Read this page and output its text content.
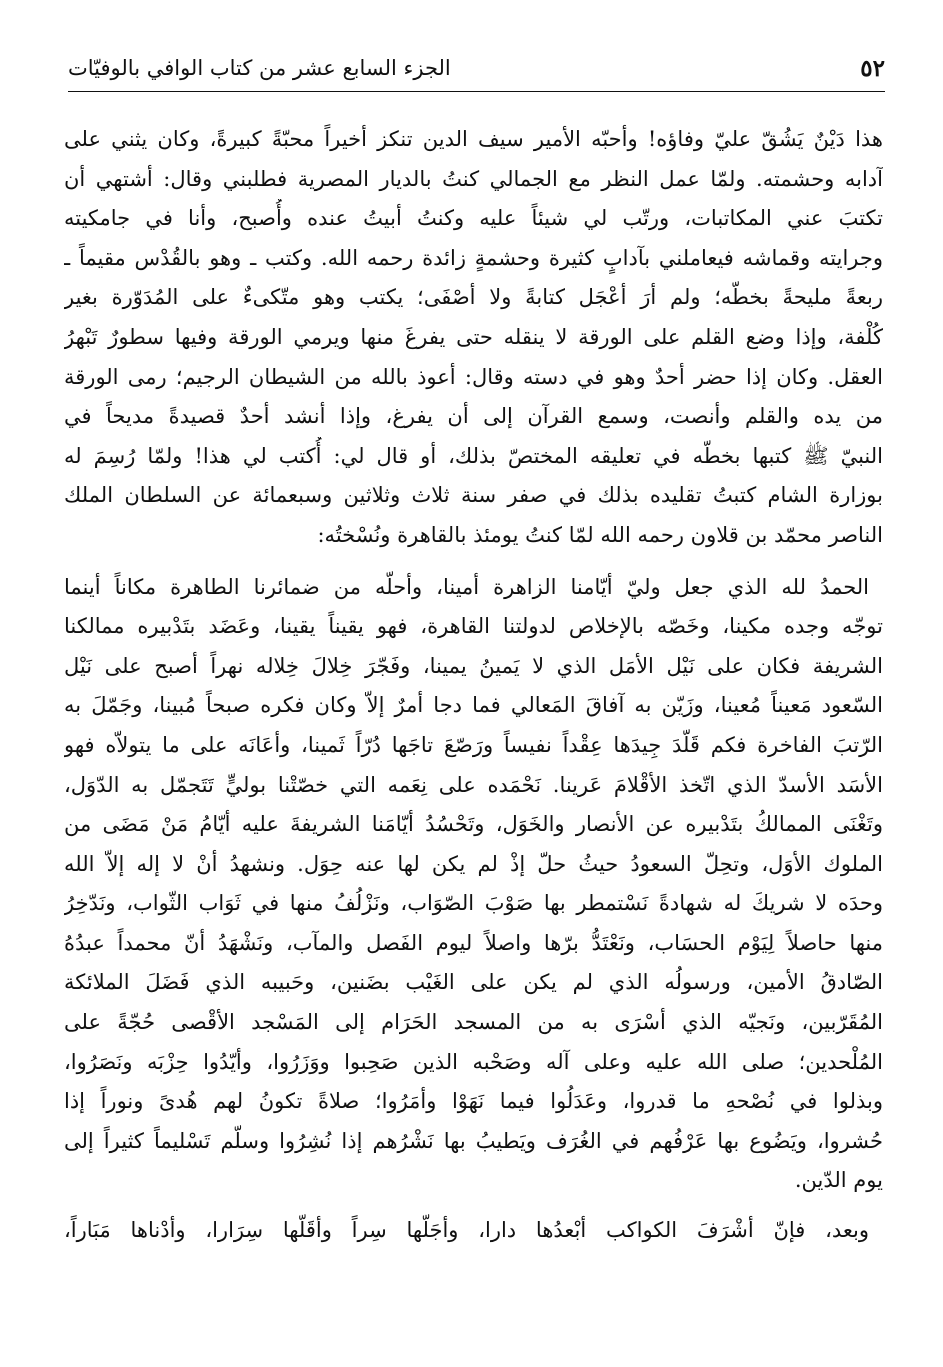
٥٢
الجزء السابع عشر من كتاب الوافي بالوفيّات

هذا دَيْنٌ يَشُقّ عليّ وفاؤه! وأحبّه الأمير سيف الدين تنكز أخيراً محبّةً كبيرةً، وكان يثني على
آدابه وحشمته. ولمّا عمل النظر مع الجمالي كنتُ بالديار المصرية فطلبني وقال: أشتهي أن
تكتبَ عني المكاتبات، ورتّب لي شيئاً عليه وكنتُ أبيتُ عنده وأُصبح، وأنا في جامكيته
وجرايته وقماشه فيعاملني بآدابٍ كثيرة وحشمةٍ زائدة رحمه الله. وكتب ـ وهو بالقُدْس مقيماً ـ
ربعةً مليحةً بخطّه؛ ولم أرَ أعْجَل كتابةً ولا أصْفَى؛ يكتب وهو متّكىءٌ على المُدَوّرة بغير
كُلْفة، وإذا وضع القلم على الورقة لا ينقله حتى يفرغَ منها ويرمي الورقة وفيها سطورٌ تَبْهرُ
العقل. وكان إذا حضر أحدٌ وهو في دسته وقال: أعوذ بالله من الشيطان الرجيم؛ رمى الورقة
من يده والقلم وأنصت، وسمع القرآن إلى أن يفرغ، وإذا أنشد أحدٌ قصيدةً مديحاً في
النبيّ ﷺ كتبها بخطّه في تعليقه المختصّ بذلك، أو قال لي: أُكتب لي هذا! ولمّا رُسِمَ له
بوزارة الشام كتبتُ تقليده بذلك في صفر سنة ثلاث وثلاثين وسبعمائة عن السلطان الملك
الناصر محمّد بن قلاون رحمه الله لمّا كنتُ يومئذ بالقاهرة ونُسْختُه:

الحمدُ لله الذي جعل وليّ أيّامنا الزاهرة أمينا، وأحلّه من ضمائرنا الطاهرة مكاناً أينما
توجّه وجده مكينا، وخَصّه بالإخلاص لدولتنا القاهرة، فهو يقيناً يقينا، وعَضَد بتَدْبيره ممالكنا
الشريفة فكان على نَيْل الأمَل الذي لا يَمينُ يمينا، وفَجّرَ خِلالَ خِلاله نهراً أصبح على نَيْل
السّعود مَعيناً مُعينا، وزَيّن به آفاقَ المَعالي فما دجا أمرٌ إلاّ وكان فكره صبحاً مُبينا، وجَمّلَ به
الرّتبَ الفاخرة فكم قَلّدَ جِيدَها عِقْداً نفيساً ورَصّعَ تاجَها دُرّاً ثَمينا، وأعَانَه على ما يتولاّه فهو
الأسَد الأسدّ الذي اتّخذ الأقْلامَ عَرينا. نَحْمَده على نِعَمه التي خصّتْنا بوليٍّ تَتَجمّل به الدّوَل،
وتَغْنَى الممالكُ بتَدْبيره عن الأنصار والخَوَل، وتَحْسُدُ أيّامَنا الشريفةَ عليه أيّامُ مَنْ مَضَى من
الملوك الأوَل، وتحِلّ السعودُ حيثُ حلّ إذْ لم يكن لها عنه حِوَل. ونشهدُ أنْ لا إله إلاّ الله
وحدَه لا شريكَ له شهادةً نَسْتمطر بها صَوْبَ الصّوَاب، ونَزْلُفُ منها في ثَوَاب الثّواب، ونَدّخِرُ
منها حاصلاً لِيَوْم الحسَاب، ونَعْتَدُّ برّها واصلاً ليوم الفَصل والمآب، ونَشْهَدُ أنّ محمداً عبدُهُ
الصّادقُ الأمين، ورسولُه الذي لم يكن على الغَيْب بضَنين، وحَبيبه الذي فَضَلَ الملائكة
المُقَرّبين، ونَجيّه الذي أسْرَى به من المسجد الحَرَام إلى المَسْجد الأقْصى حُجّةً على
المُلْحدين؛ صلى الله عليه وعلى آله وصَحْبه الذين صَحِبوا ووَزَرُوا، وأيّدُوا حِزْبَه ونَصَرُوا،
وبذلوا في نُصْحهِ ما قدروا، وعَدَلُوا فيما نَهَوْا وأمَرُوا؛ صلاةً تكونُ لهم هُدىً ونوراً إذا
حُشروا، ويَضُوع بها عَرْفُهم في الغُرَف ويَطيبُ بها نَشْرُهم إذا نُشِرُوا وسلّم تَسْليماً كثيراً إلى
يوم الدّين.

وبعد، فإنّ أشْرَفَ الكواكب أبْعدُها دارا، وأجَلّها سِراً وأقَلّها سِرَارا، وأدْناها مَبَاراً،
